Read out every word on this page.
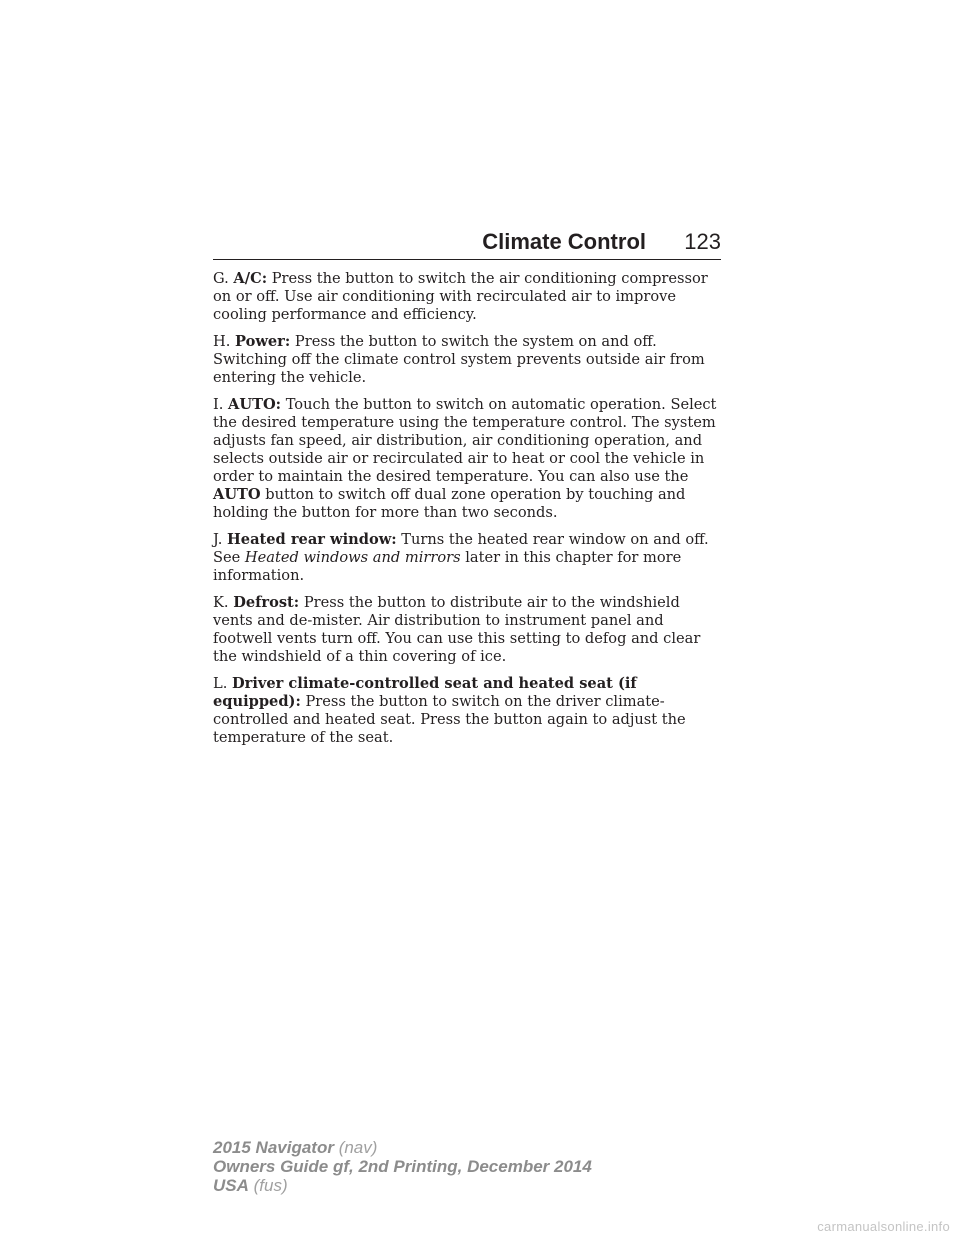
Climate Control 123

G. A/C: Press the button to switch the air conditioning compressor on or off. Use air conditioning with recirculated air to improve cooling performance and efficiency.

H. Power: Press the button to switch the system on and off. Switching off the climate control system prevents outside air from entering the vehicle.

I. AUTO: Touch the button to switch on automatic operation. Select the desired temperature using the temperature control. The system adjusts fan speed, air distribution, air conditioning operation, and selects outside air or recirculated air to heat or cool the vehicle in order to maintain the desired temperature. You can also use the AUTO button to switch off dual zone operation by touching and holding the button for more than two seconds.

J. Heated rear window: Turns the heated rear window on and off. See Heated windows and mirrors later in this chapter for more information.

K. Defrost: Press the button to distribute air to the windshield vents and de-mister. Air distribution to instrument panel and footwell vents turn off. You can use this setting to defog and clear the windshield of a thin covering of ice.

L. Driver climate-controlled seat and heated seat (if equipped): Press the button to switch on the driver climate-controlled and heated seat. Press the button again to adjust the temperature of the seat.

2015 Navigator (nav)
Owners Guide gf, 2nd Printing, December 2014
USA (fus)
carmanualsonline.info
